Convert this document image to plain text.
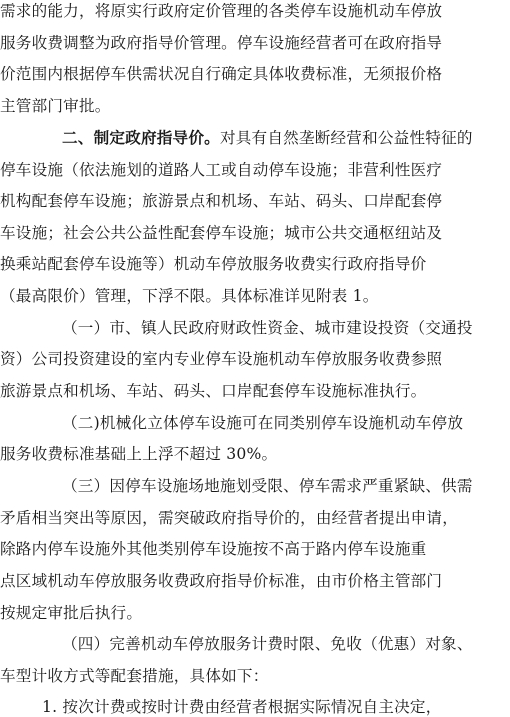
需求的能力，将原实行政府定价管理的各类停车设施机动车停放
服务收费调整为政府指导价管理。停车设施经营者可在政府指导
价范围内根据停车供需状况自行确定具体收费标准，无须报价格
主管部门审批。
二、制定政府指导价。对具有自然垄断经营和公益性特征的
停车设施（依法施划的道路人工或自动停车设施；非营利性医疗
机构配套停车设施；旅游景点和机场、车站、码头、口岸配套停
车设施；社会公共公益性配套停车设施；城市公共交通枢纽站及
换乘站配套停车设施等）机动车停放服务收费实行政府指导价
（最高限价）管理，下浮不限。具体标准详见附表 1。
（一）市、镇人民政府财政性资金、城市建设投资（交通投
资）公司投资建设的室内专业停车设施机动车停放服务收费参照
旅游景点和机场、车站、码头、口岸配套停车设施标准执行。
（二)机械化立体停车设施可在同类别停车设施机动车停放
服务收费标准基础上上浮不超过 30%。
（三）因停车设施场地施划受限、停车需求严重紧缺、供需
矛盾相当突出等原因，需突破政府指导价的，由经营者提出申请，
除路内停车设施外其他类别停车设施按不高于路内停车设施重
点区域机动车停放服务收费政府指导价标准，由市价格主管部门
按规定审批后执行。
（四）完善机动车停放服务计费时限、免收（优惠）对象、
车型计收方式等配套措施，具体如下：
1. 按次计费或按时计费由经营者根据实际情况自主决定，
